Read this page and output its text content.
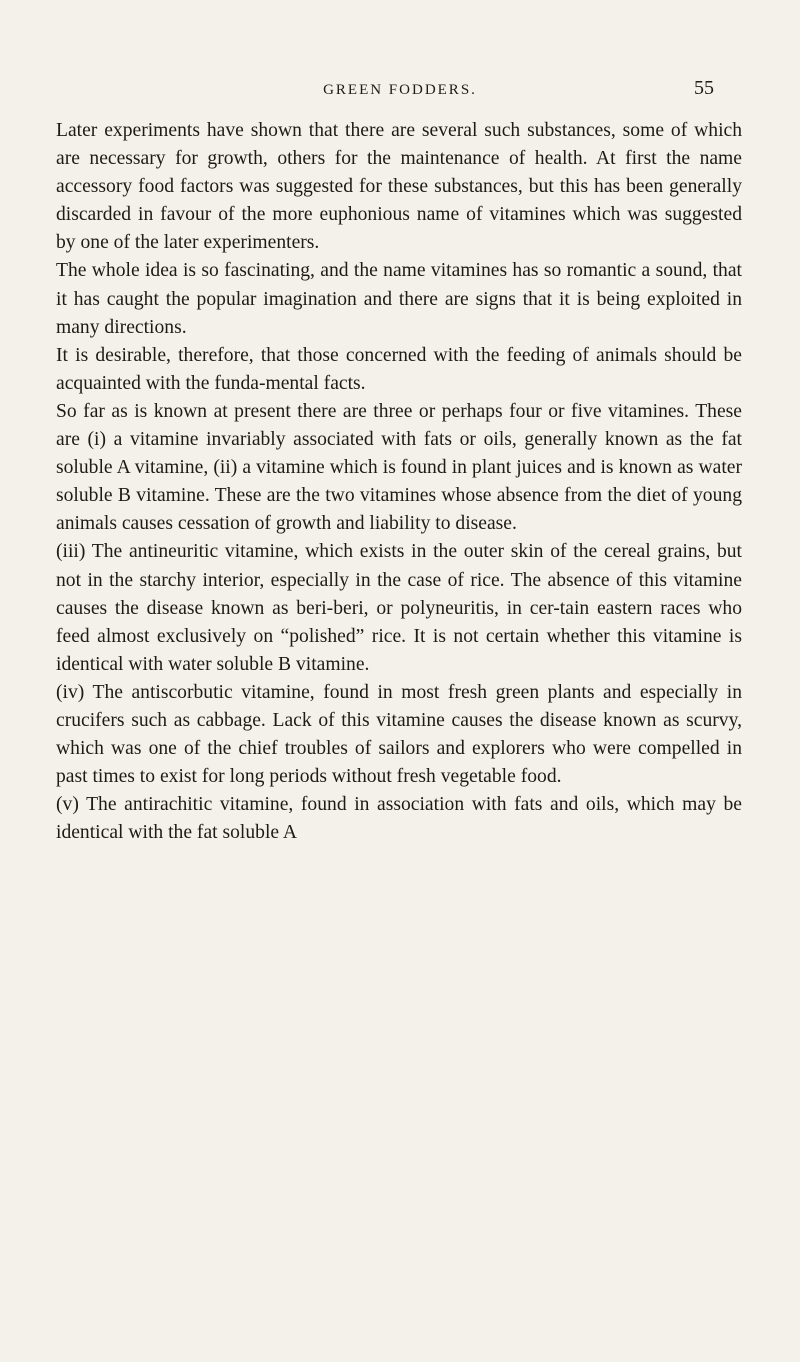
GREEN FODDERS.	55

Later experiments have shown that there are several such substances, some of which are necessary for growth, others for the maintenance of health. At first the name accessory food factors was suggested for these substances, but this has been generally discarded in favour of the more euphonious name of vitamines which was suggested by one of the later experimenters.

The whole idea is so fascinating, and the name vitamines has so romantic a sound, that it has caught the popular imagination and there are signs that it is being exploited in many directions.

It is desirable, therefore, that those concerned with the feeding of animals should be acquainted with the funda-mental facts.

So far as is known at present there are three or perhaps four or five vitamines. These are (i) a vitamine invariably associated with fats or oils, generally known as the fat soluble A vitamine, (ii) a vitamine which is found in plant juices and is known as water soluble B vitamine. These are the two vitamines whose absence from the diet of young animals causes cessation of growth and liability to disease.

(iii) The antineuritic vitamine, which exists in the outer skin of the cereal grains, but not in the starchy interior, especially in the case of rice. The absence of this vitamine causes the disease known as beri-beri, or polyneuritis, in cer-tain eastern races who feed almost exclusively on “polished” rice. It is not certain whether this vitamine is identical with water soluble B vitamine.

(iv) The antiscorbutic vitamine, found in most fresh green plants and especially in crucifers such as cabbage. Lack of this vitamine causes the disease known as scurvy, which was one of the chief troubles of sailors and explorers who were compelled in past times to exist for long periods without fresh vegetable food.

(v) The antirachitic vitamine, found in association with fats and oils, which may be identical with the fat soluble A
